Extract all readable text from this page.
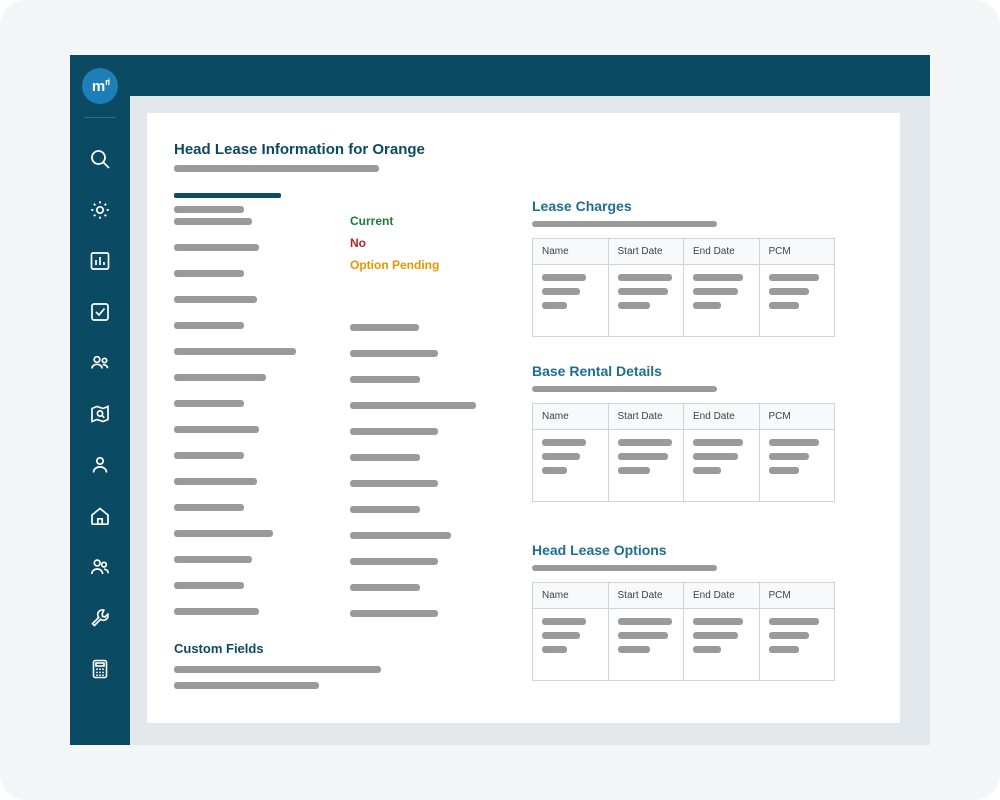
m ri
Head Lease Information for Orange
Custom Fields
Current
No
Option Pending
Lease Charges
Name	Start Date	End Date	PCM

Base Rental Details
Name	Start Date	End Date	PCM

Head Lease Options
Name	Start Date	End Date	PCM
